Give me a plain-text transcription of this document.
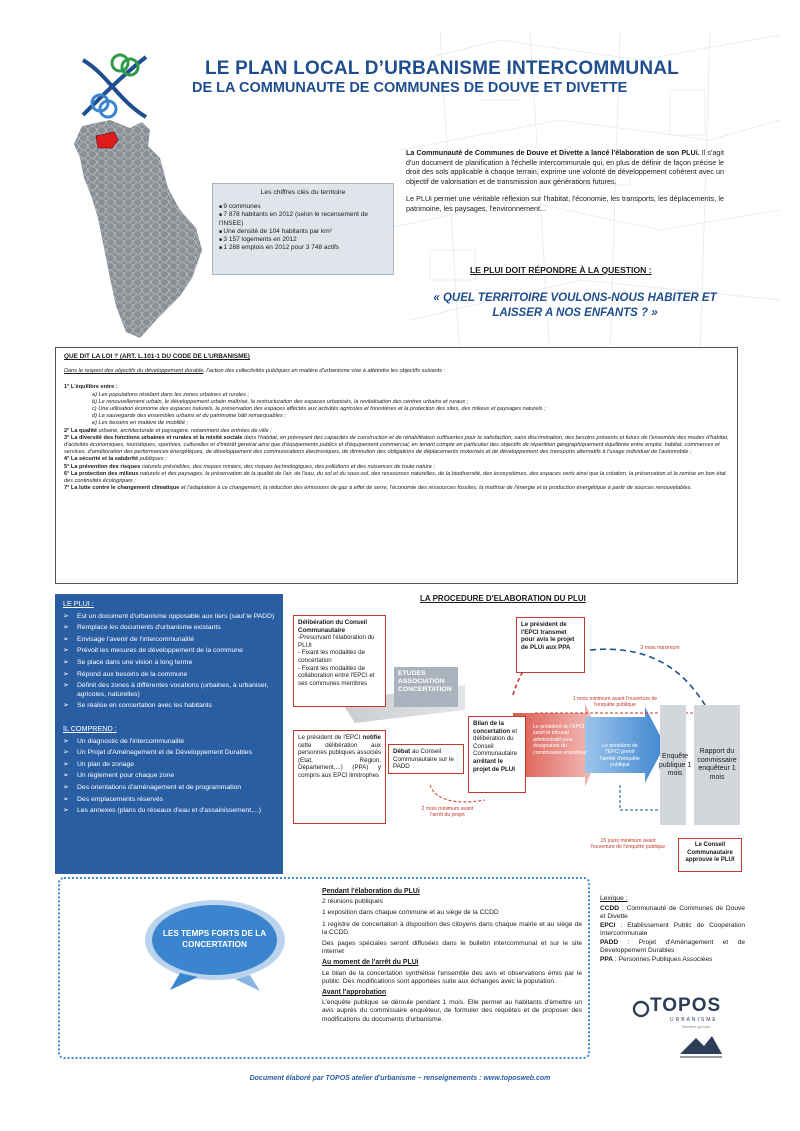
LE PLAN LOCAL D’URBANISME INTERCOMMUNAL
DE LA COMMUNAUTE DE COMMUNES DE DOUVE ET DIVETTE
Les chiffres clés du territoire
■ 9 communes
■ 7 878 habitants en 2012 (selon le recensement de l'INSEE)
■ Une densité de 104 habitants par km²
■ 3 157 logements en 2012
■ 1 268 emplois en 2012 pour 3 748 actifs

La Communauté de Communes de Douve et Divette a lancé l'élaboration de son PLUi. Il s'agit d'un document de planification à l'échelle intercommunale qui, en plus de définir de façon précise le droit des sols applicable à chaque terrain, exprime une volonté de développement cohérent avec un objectif de valorisation et de transmission aux générations futures.

Le PLUi permet une véritable réflexion sur l'habitat, l'économie, les transports, les déplacements, le patrimoine, les paysages, l'environnement...

LE PLUI DOIT RÉPONDRE À LA QUESTION :
« QUEL TERRITOIRE VOULONS-NOUS HABITER ET LAISSER A NOS ENFANTS ? »
QUE DIT LA LOI ? (ART. L.101-1 DU CODE DE L'URBANISME)

Dans le respect des objectifs du développement durable, l'action des collectivités publiques en matière d'urbanisme vise à atteindre les objectifs suivants :

1° L'équilibre entre :

a) Les populations résidant dans les zones urbaines et rurales ;

b) Le renouvellement urbain, le développement urbain maîtrisé, la restructuration des espaces urbanisés, la revitalisation des centres urbains et ruraux ;

c) Une utilisation économe des espaces naturels, la préservation des espaces affectés aux activités agricoles et forestières et la protection des sites, des milieux et paysages naturels ;

d) La sauvegarde des ensembles urbains et du patrimoine bâti remarquables ;

e) Les besoins en matière de mobilité ;

2° La qualité urbaine, architecturale et paysagère, notamment des entrées de ville ;

3° La diversité des fonctions urbaines et rurales et la mixité sociale dans l'habitat, en prévoyant des capacités de construction et de réhabilitation suffisantes pour la satisfaction, sans discrimination, des besoins présents et futurs de l'ensemble des modes d'habitat, d'activités économiques, touristiques, sportives, culturelles et d'intérêt général ainsi que d'équipements publics et d'équipement commercial, en tenant compte en particulier des objectifs de répartition géographiquement équilibrée entre emploi, habitat, commerces et services, d'amélioration des performances énergétiques, de développement des communications électroniques, de diminution des obligations de déplacements motorisés et de développement des transports alternatifs à l'usage individuel de l'automobile ;

4° La sécurité et la salubrité publiques ;

5° La prévention des risques naturels prévisibles, des risques miniers, des risques technologiques, des pollutions et des nuisances de toute nature ;

6° La protection des milieux naturels et des paysages, la préservation de la qualité de l'air, de l'eau, du sol et du sous-sol, des ressources naturelles, de la biodiversité, des écosystèmes, des espaces verts ainsi que la création, la préservation et la remise en bon état des continuités écologiques ;

7° La lutte contre le changement climatique et l'adaptation à ce changement, la réduction des émissions de gaz à effet de serre, l'économie des ressources fossiles, la maîtrise de l'énergie et la production énergétique à partir de sources renouvelables.

LE PLUI :
➢ Est un document d'urbanisme opposable aux tiers (sauf le PADD)
➢ Remplace les documents d'urbanisme existants
➢ Envisage l'avenir de l'intercommunalité
➢ Prévoit les mesures de développement de la commune
➢ Se place dans une vision à long terme
➢ Répond aux besoins de la commune
➢ Définit des zones à différentes vocations (urbaines, à urbaniser, agricoles, naturelles)
➢ Se réalise en concertation avec les habitants
IL COMPREND :
➢ Un diagnostic de l'intercommunalité
➢ Un Projet d'Aménagement et de Développement Durables
➢ Un plan de zonage
➢ Un règlement pour chaque zone
➢ Des orientations d'aménagement et de programmation
➢ Des emplacements réservés
➢ Les annexes (plans du réseaux d'eau et d'assainissement,...)
LA PROCEDURE D'ELABORATION DU PLUI
Délibération du Conseil Communautaire
-Prescrivant l'élaboration du PLUI
- Fixant les modalités de concertation
- Fixant les modalités de collaboration entre l'EPCI et ses communes membres
Le président de l'EPCI notifie cette délibération aux personnes publiques associés (Etat, Région, Département,...) (PPA) y compris aux EPCI limitrophes
ETUDES ASSOCIATION CONCERTATION
Débat au Conseil Communautaire sur le PADD
Bilan de la concertation et délibération du Conseil Communautaire arrêtant le projet de PLUI
Le président de l'EPCI transmet pour avis le projet de PLUi aux PPA
Le président de l'EPCI saisit le tribunal administratif pour désignation du commissaire enquêteur
Le président de l'EPCI prend l'arrêté d'enquête publique
Enquête publique 1 mois
Rapport du commissaire enquêteur 1 mois
Le Conseil Communautaire approuve le PLUI
3 mois maximum
1 mois minimum avant l'ouverture de l'enquête publique
2 mois minimum avant l'arrêt du projet
15 jours minimum avant l'ouverture de l'enquête publique
LES TEMPS FORTS DE LA CONCERTATION
Pendant l'élaboration du PLUi

2 réunions publiques

1 exposition dans chaque commune et au siège de la CCDD

1 registre de concertation à disposition des citoyens dans chaque mairie et au siège de la CCDD.

Des pages spéciales seront diffusées dans le bulletin intercommunal et sur le site internet

Au moment de l'arrêt du PLUi

Le bilan de la concertation synthétise l'ensemble des avis et observations émis par le public. Des modifications sont apportées suite aux échanges avec la population.

Avant l'approbation

L'enquête publique se déroule pendant 1 mois. Elle permet au habitants d'émettre un avis auprès du commissaire enquêteur, de formuler des requêtes et de proposer des modifications du documents d'urbanisme.

Lexique :

CCDD : Communauté de Communes de Douve et Divette

EPCI : Etablissement Public de Coopération Intercommunale

PADD : Projet d'Aménagement et de Développement Durables

PPA : Personnes Publiques Associées

TOPOS
URBANISME
Membre groupe
Document élaboré par TOPOS atelier d'urbanisme – renseignements : www.toposweb.com
